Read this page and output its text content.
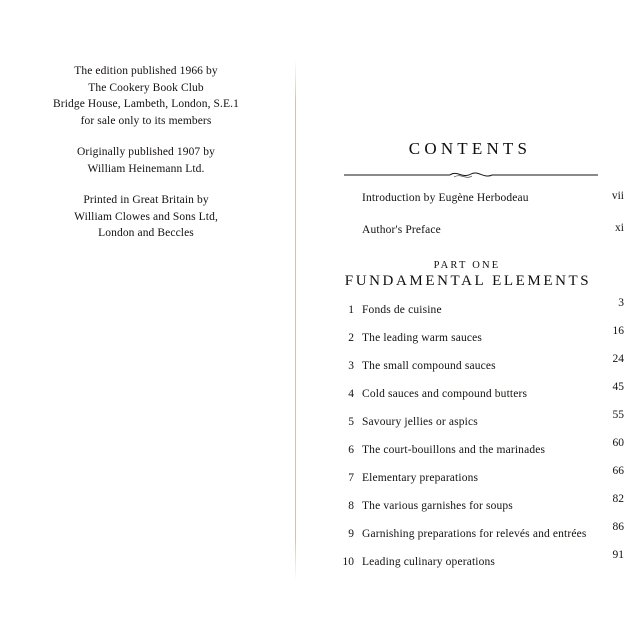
The edition published 1966 by
The Cookery Book Club
Bridge House, Lambeth, London, S.E.1
for sale only to its members
Originally published 1907 by
William Heinemann Ltd.
Printed in Great Britain by
William Clowes and Sons Ltd,
London and Beccles
CONTENTS
Introduction by Eugène Herbodeau	vii
Author's Preface	xi
PART ONE
FUNDAMENTAL ELEMENTS
1 Fonds de cuisine
3
2 The leading warm sauces
16
3 The small compound sauces
24
4 Cold sauces and compound butters
45
5 Savoury jellies or aspics
55
6 The court-bouillons and the marinades
60
7 Elementary preparations
66
8 The various garnishes for soups
82
9 Garnishing preparations for relevés and entrées
86
10 Leading culinary operations
91
